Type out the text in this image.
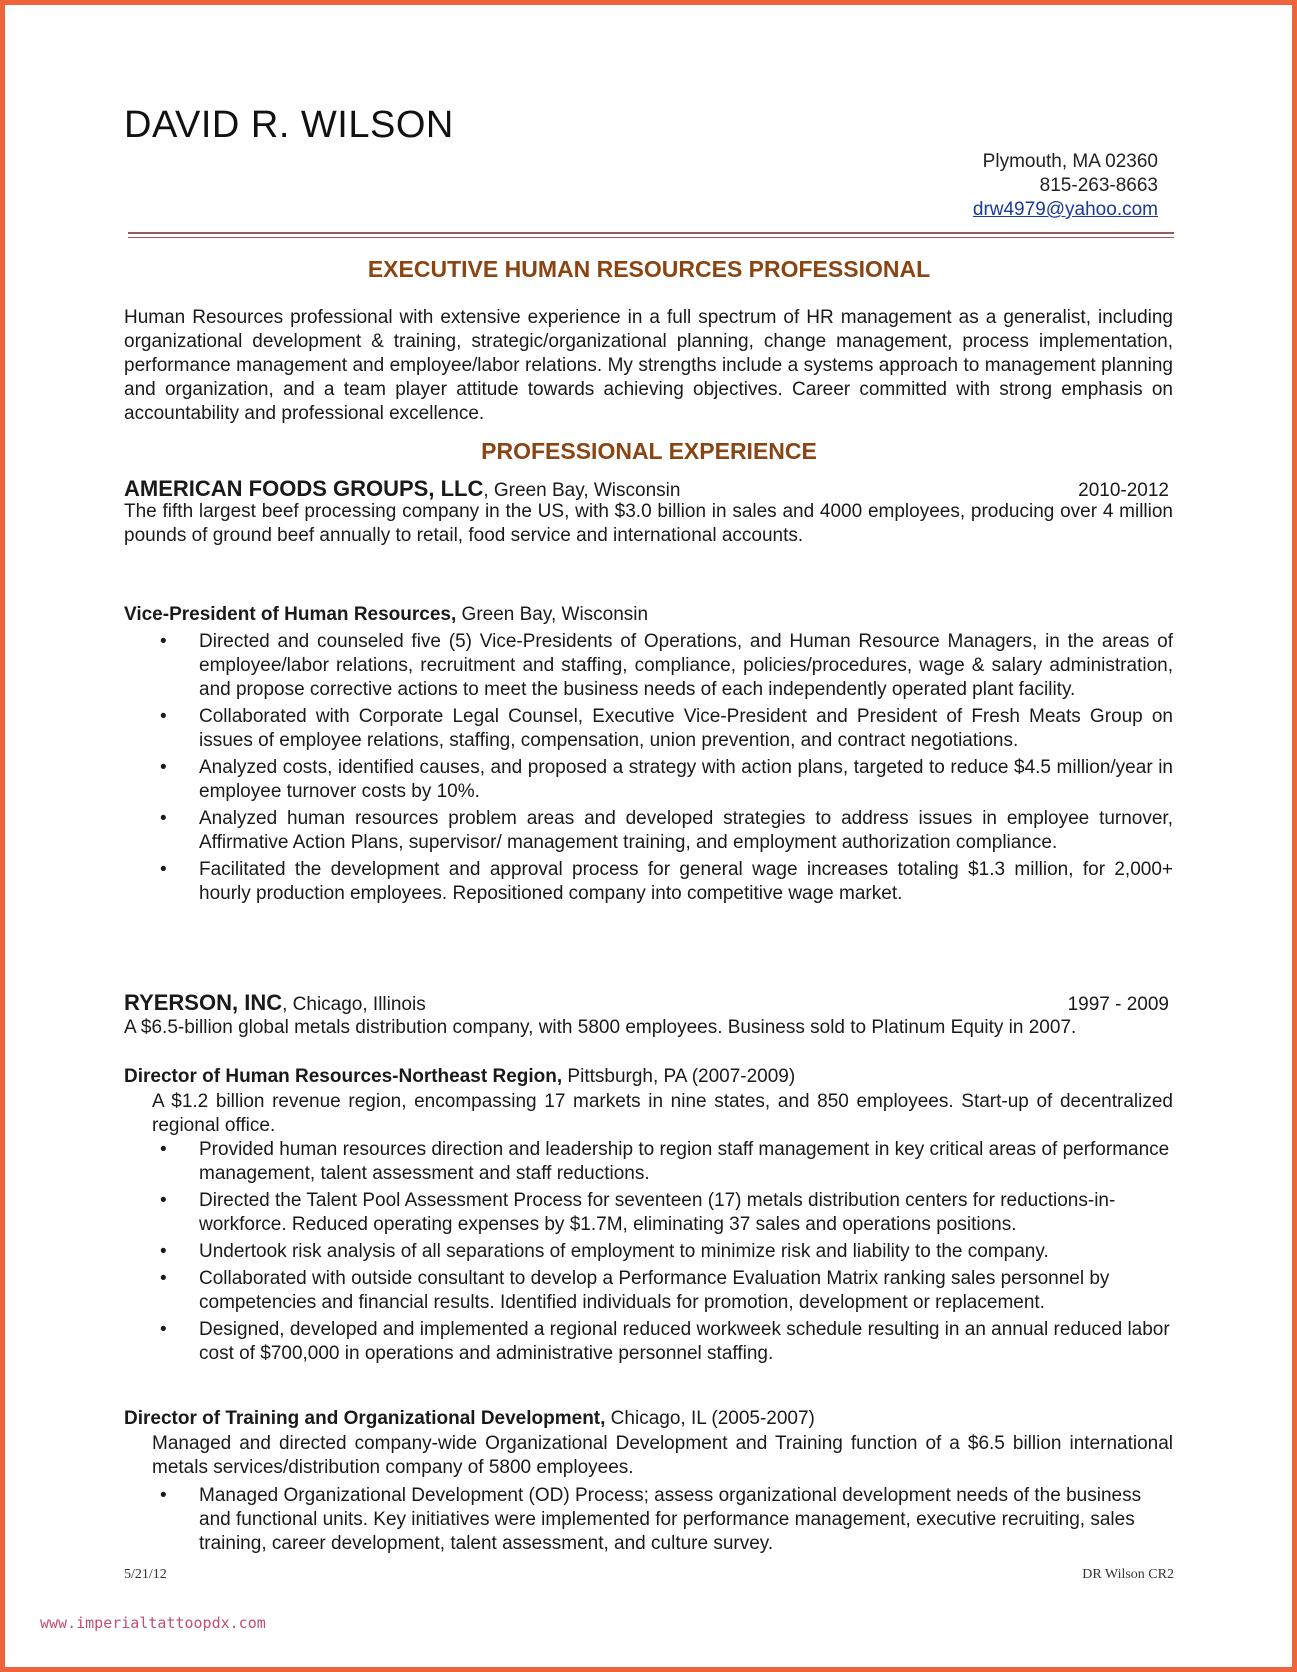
DAVID R. WILSON
Plymouth, MA 02360
815-263-8663
drw4979@yahoo.com
EXECUTIVE HUMAN RESOURCES PROFESSIONAL
Human Resources professional with extensive experience in a full spectrum of HR management as a generalist, including organizational development & training, strategic/organizational planning, change management, process implementation, performance management and employee/labor relations. My strengths include a systems approach to management planning and organization, and a team player attitude towards achieving objectives. Career committed with strong emphasis on accountability and professional excellence.
PROFESSIONAL EXPERIENCE
AMERICAN FOODS GROUPS, LLC, Green Bay, Wisconsin	2010-2012
The fifth largest beef processing company in the US, with $3.0 billion in sales and 4000 employees, producing over 4 million pounds of ground beef annually to retail, food service and international accounts.
Vice-President of Human Resources, Green Bay, Wisconsin
• Directed and counseled five (5) Vice-Presidents of Operations, and Human Resource Managers, in the areas of employee/labor relations, recruitment and staffing, compliance, policies/procedures, wage & salary administration, and propose corrective actions to meet the business needs of each independently operated plant facility.
• Collaborated with Corporate Legal Counsel, Executive Vice-President and President of Fresh Meats Group on issues of employee relations, staffing, compensation, union prevention, and contract negotiations.
• Analyzed costs, identified causes, and proposed a strategy with action plans, targeted to reduce $4.5 million/year in employee turnover costs by 10%.
• Analyzed human resources problem areas and developed strategies to address issues in employee turnover, Affirmative Action Plans, supervisor/ management training, and employment authorization compliance.
• Facilitated the development and approval process for general wage increases totaling $1.3 million, for 2,000+ hourly production employees. Repositioned company into competitive wage market.
RYERSON, INC, Chicago, Illinois	1997 - 2009
A $6.5-billion global metals distribution company, with 5800 employees. Business sold to Platinum Equity in 2007.
Director of Human Resources-Northeast Region, Pittsburgh, PA (2007-2009)
A $1.2 billion revenue region, encompassing 17 markets in nine states, and 850 employees. Start-up of decentralized regional office.
• Provided human resources direction and leadership to region staff management in key critical areas of performance management, talent assessment and staff reductions.
• Directed the Talent Pool Assessment Process for seventeen (17) metals distribution centers for reductions-in-workforce. Reduced operating expenses by $1.7M, eliminating 37 sales and operations positions.
• Undertook risk analysis of all separations of employment to minimize risk and liability to the company.
• Collaborated with outside consultant to develop a Performance Evaluation Matrix ranking sales personnel by competencies and financial results. Identified individuals for promotion, development or replacement.
• Designed, developed and implemented a regional reduced workweek schedule resulting in an annual reduced labor cost of $700,000 in operations and administrative personnel staffing.
Director of Training and Organizational Development, Chicago, IL (2005-2007)
Managed and directed company-wide Organizational Development and Training function of a $6.5 billion international metals services/distribution company of 5800 employees.
• Managed Organizational Development (OD) Process; assess organizational development needs of the business and functional units. Key initiatives were implemented for performance management, executive recruiting, sales training, career development, talent assessment, and culture survey.
5/21/12	DR Wilson CR2
www.imperialtattoopdx.com
